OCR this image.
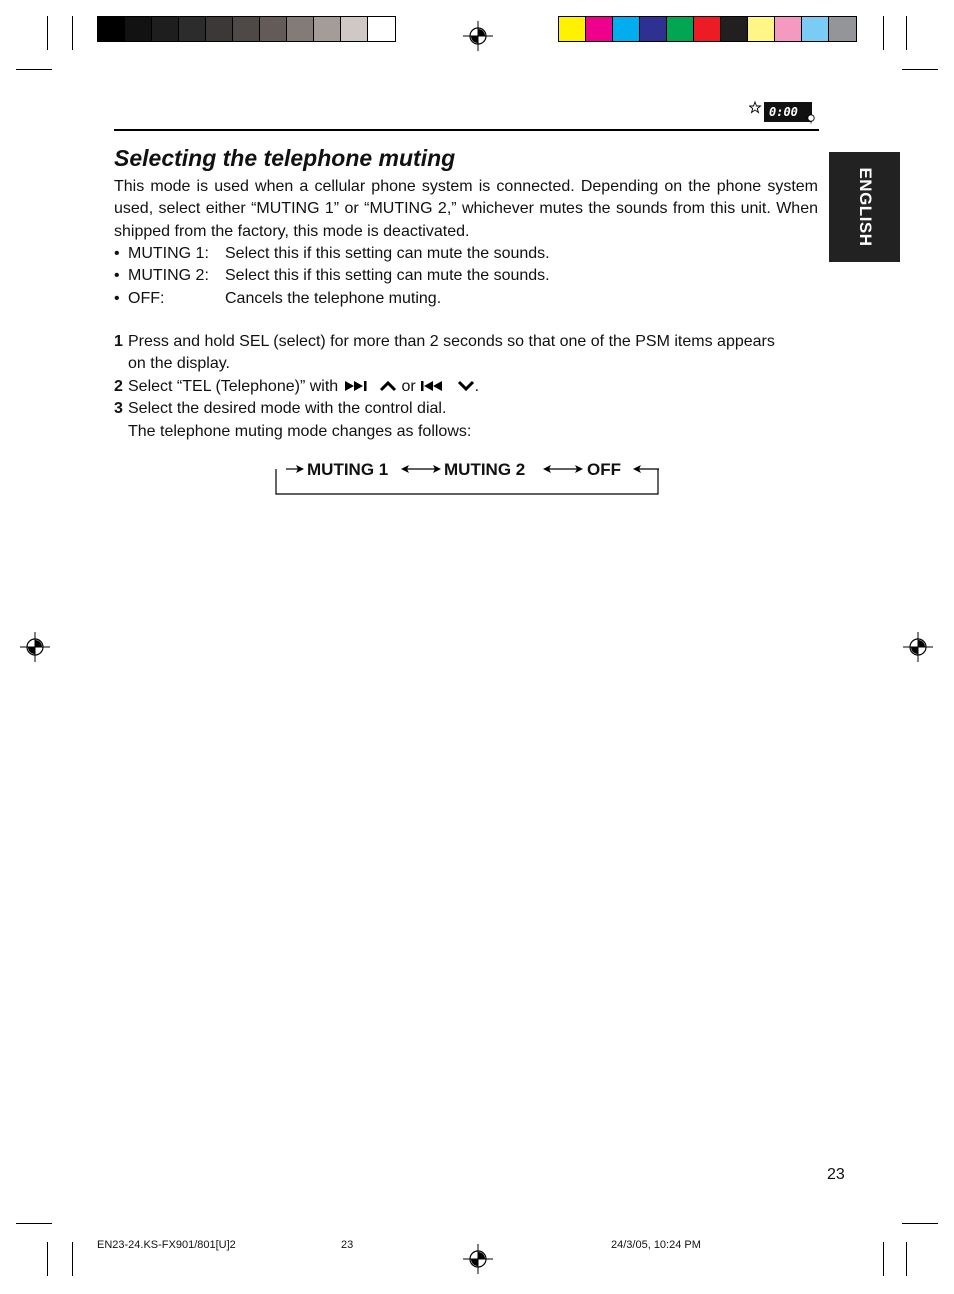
0:00
ENGLISH
Selecting the telephone muting
This mode is used when a cellular phone system is connected. Depending on the phone system used, select either “MUTING 1” or “MUTING 2,” whichever mutes the sounds from this unit. When shipped from the factory, this mode is deactivated.
• MUTING 1: Select this if this setting can mute the sounds.
• MUTING 2: Select this if this setting can mute the sounds.
• OFF:	Cancels the telephone muting.
1 Press and hold SEL (select) for more than 2 seconds so that one of the PSM items appears
on the display.
2 Select “TEL (Telephone)” with	or	.
3 Select the desired mode with the control dial.
The telephone muting mode changes as follows:
MUTING 1	MUTING 2	OFF
23
EN23-24.KS-FX901/801[U]2	23	24/3/05, 10:24 PM
